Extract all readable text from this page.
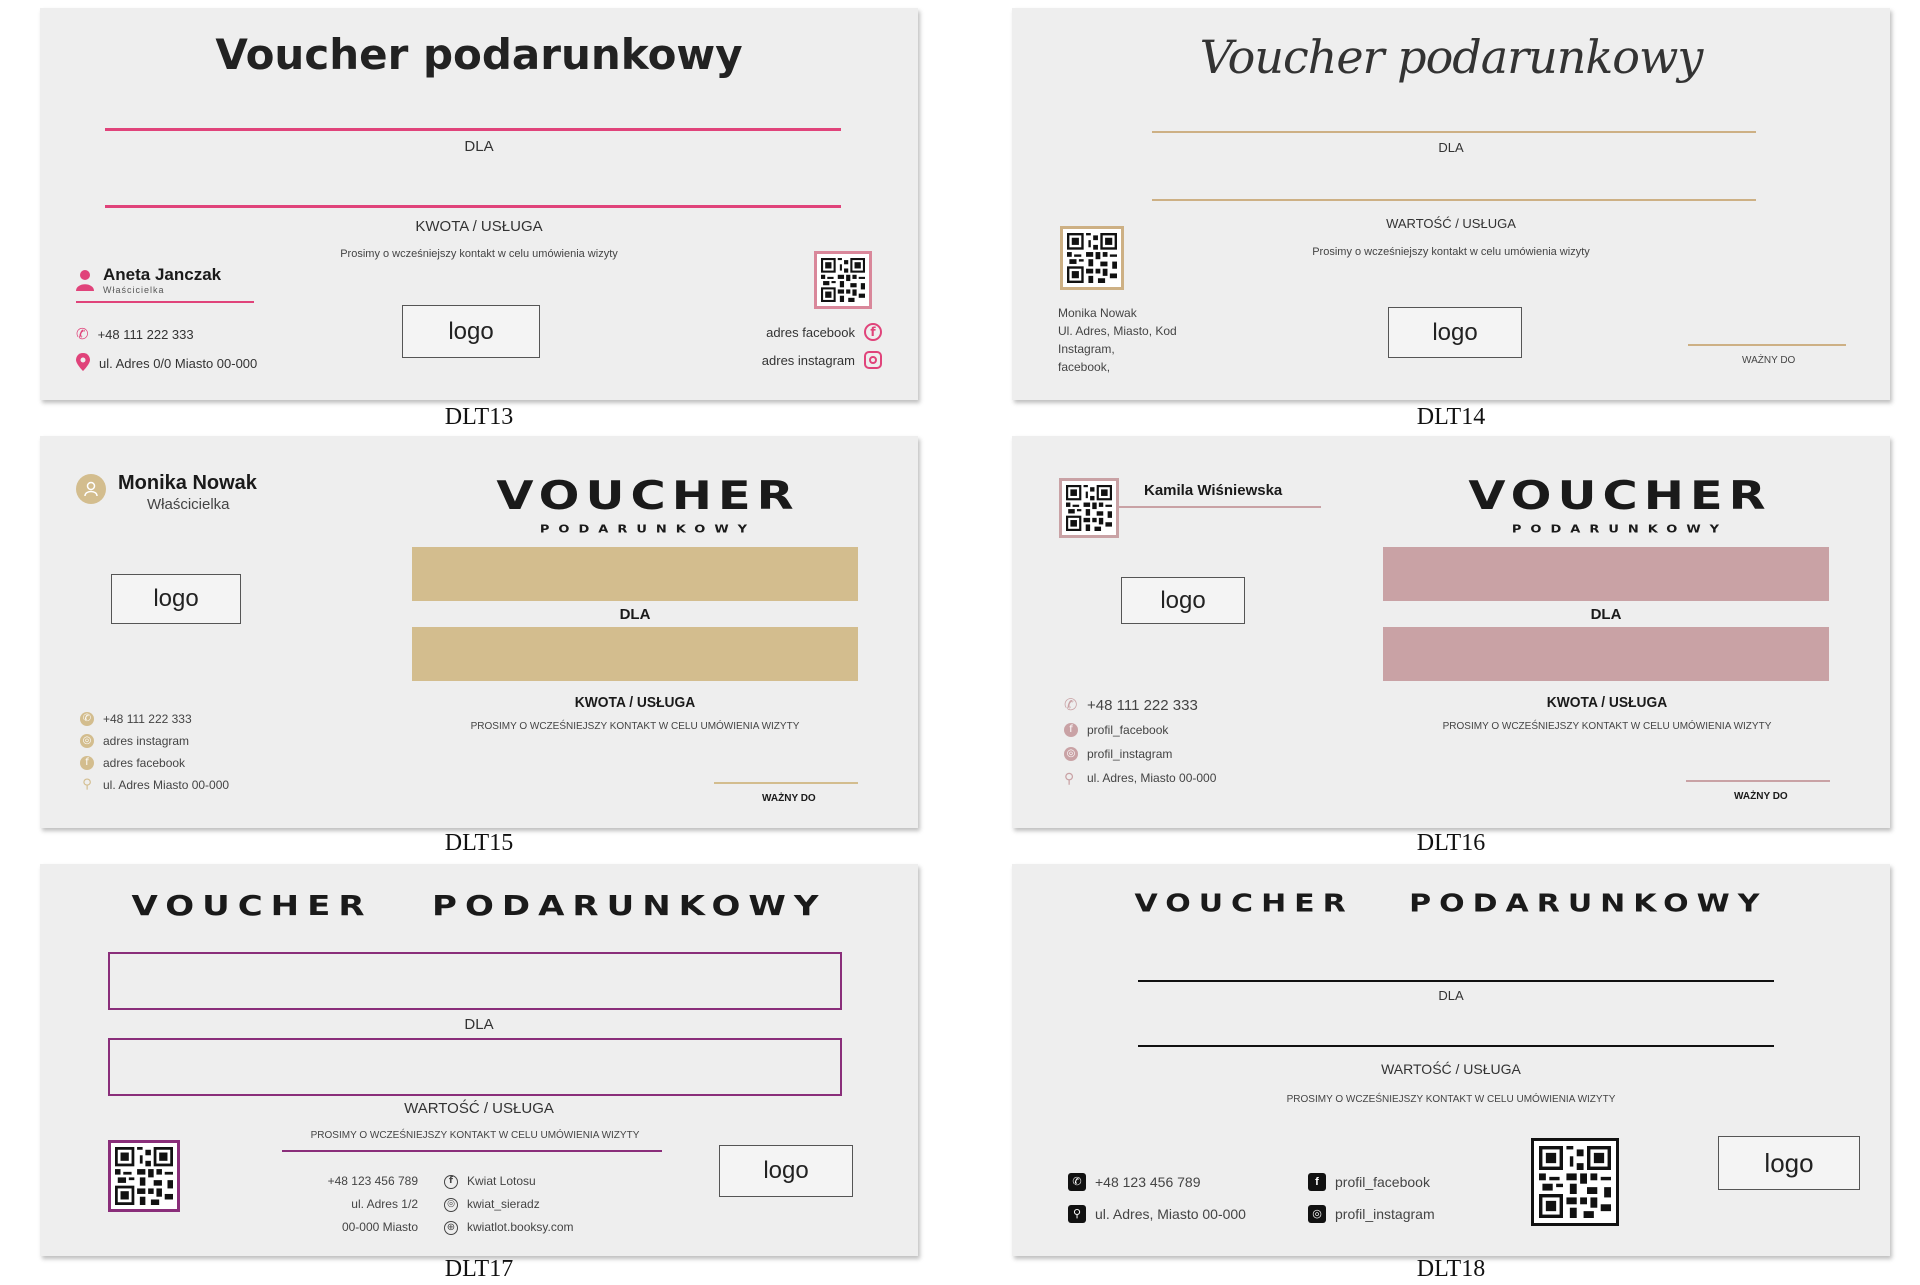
Voucher podarunkowy
DLA
KWOTA / USŁUGA
Prosimy o wcześniejszy kontakt w celu umówienia wizyty
Aneta Janczak
Właścicielka
✆ +48 111 222 333
ul. Adres 0/0 Miasto 00-000
logo	adres facebook	f
adres instagram
DLT13
Voucher podarunkowy
DLA
WARTOŚĆ / USŁUGA
Prosimy o wcześniejszy kontakt w celu umówienia wizyty
Monika Nowak
Ul. Adres, Miasto, Kod
Instagram,
facebook,
logo
WAŻNY DO
DLT14
Monika Nowak
Właścicielka
logo
VOUCHER
PODARUNKOWY
DLA
KWOTA / USŁUGA
PROSIMY O WCZEŚNIEJSZY KONTAKT W CELU UMÓWIENIA WIZYTY
WAŻNY DO
✆ +48 111 222 333
◎ adres instagram
f	adres facebook
⚲ ul. Adres Miasto 00-000
DLT15
Kamila Wiśniewska
logo
VOUCHER
PODARUNKOWY
DLA
KWOTA / USŁUGA
PROSIMY O WCZEŚNIEJSZY KONTAKT W CELU UMÓWIENIA WIZYTY
WAŻNY DO
✆ +48 111 222 333
f	profil_facebook
◎ profil_instagram
⚲	ul. Adres, Miasto 00-000
DLT16
VOUCHER   PODARUNKOWY
DLA
WARTOŚĆ / USŁUGA
PROSIMY O WCZEŚNIEJSZY KONTAKT W CELU UMÓWIENIA WIZYTY
+48 123 456 789
ul. Adres 1/2
00-000 Miasto
f	Kwiat Lotosu
◎ kwiat_sieradz
⊕ kwiatlot.booksy.com
logo
DLT17
VOUCHER   PODARUNKOWY
DLA
WARTOŚĆ / USŁUGA
PROSIMY O WCZEŚNIEJSZY KONTAKT W CELU UMÓWIENIA WIZYTY
✆ +48 123 456 789
⚲ ul. Adres, Miasto 00-000
f	profil_facebook
◎ profil_instagram
logo
DLT18
